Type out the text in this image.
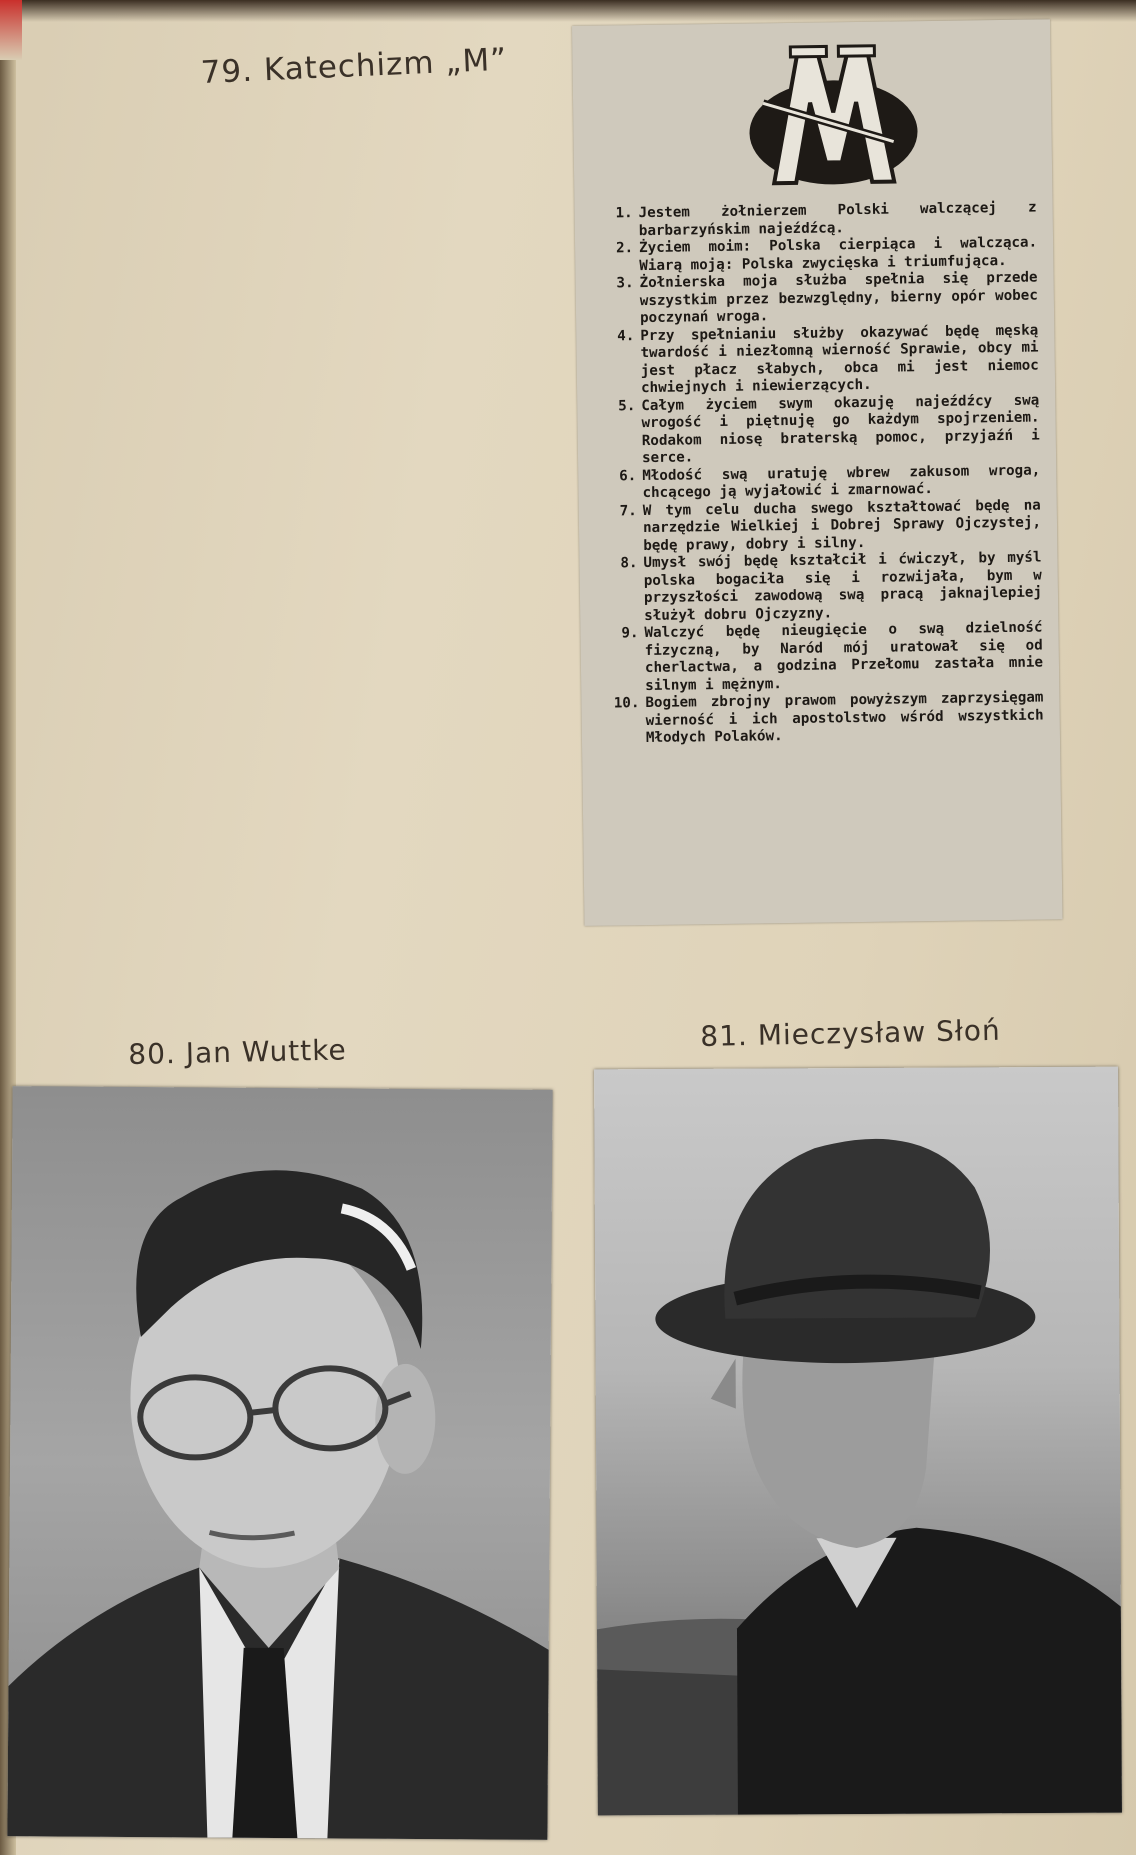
79. Katechizm „M”
1. Jestem żołnierzem Polski walczącej z barbarzyńskim najeźdźcą.
2. Życiem moim: Polska cierpiąca i walcząca. Wiarą moją: Polska zwycięska i triumfująca.
3. Żołnierska moja służba spełnia się przede wszystkim przez bezwzględny, bierny opór wobec poczynań wroga.
4. Przy spełnianiu służby okazywać będę męską twardość i niezłomną wierność Sprawie, obcy mi jest płacz słabych, obca mi jest niemoc chwiejnych i niewierzących.
5. Całym życiem swym okazuję najeźdźcy swą wrogość i piętnuję go każdym spojrzeniem. Rodakom niosę braterską pomoc, przyjaźń i serce.
6. Młodość swą uratuję wbrew zakusom wroga, chcącego ją wyjałowić i zmarnować.
7. W tym celu ducha swego kształtować będę na narzędzie Wielkiej i Dobrej Sprawy Ojczystej, będę prawy, dobry i silny.
8. Umysł swój będę kształcił i ćwiczył, by myśl polska bogaciła się i rozwijała, bym w przyszłości zawodową swą pracą jaknajlepiej służył dobru Ojczyzny.
9. Walczyć będę nieugięcie o swą dzielność fizyczną, by Naród mój uratował się od cherlactwa, a godzina Przełomu zastała mnie silnym i mężnym.
10. Bogiem zbrojny prawom powyższym zaprzysięgam wierność i ich apostolstwo wśród wszystkich Młodych Polaków.
80. Jan Wuttke	81. Mieczysław Słoń
